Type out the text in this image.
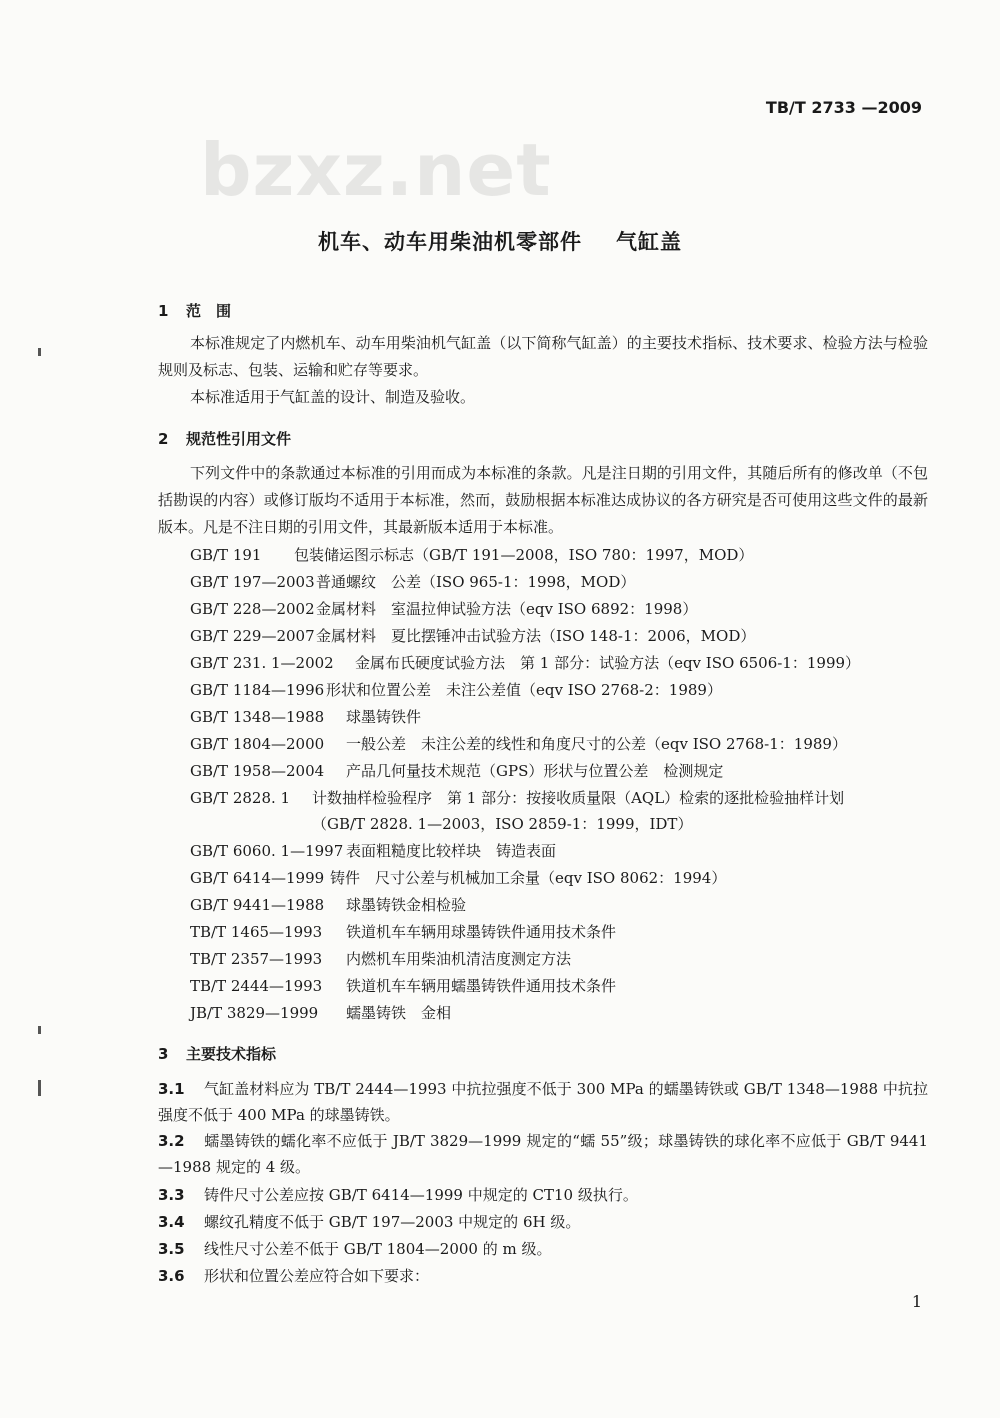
TB/T 2733 —2009
bzxz.net
机车、动车用柴油机零部件 气缸盖
1 范　围
本标准规定了内燃机车、动车用柴油机气缸盖（以下简称气缸盖）的主要技术指标、技术要求、检验方法与检验规则及标志、包装、运输和贮存等要求。
本标准适用于气缸盖的设计、制造及验收。
2 规范性引用文件
下列文件中的条款通过本标准的引用而成为本标准的条款。凡是注日期的引用文件，其随后所有的修改单（不包括勘误的内容）或修订版均不适用于本标准，然而，鼓励根据本标准达成协议的各方研究是否可使用这些文件的最新版本。凡是不注日期的引用文件，其最新版本适用于本标准。
GB/T 191 包装储运图示标志（GB/T 191—2008，ISO 780：1997，MOD）
GB/T 197—2003普通螺纹　公差（ISO 965-1：1998，MOD）
GB/T 228—2002金属材料　室温拉伸试验方法（eqv ISO 6892：1998）
GB/T 229—2007金属材料　夏比摆锤冲击试验方法（ISO 148-1：2006，MOD）
GB/T 231. 1—2002 金属布氏硬度试验方法　第 1 部分：试验方法（eqv ISO 6506-1：1999）
GB/T 1184—1996 形状和位置公差　未注公差值（eqv ISO 2768-2：1989）
GB/T 1348—1988 球墨铸铁件
GB/T 1804—2000 一般公差　未注公差的线性和角度尺寸的公差（eqv ISO 2768-1：1989）
GB/T 1958—2004 产品几何量技术规范（GPS）形状与位置公差　检测规定
GB/T 2828. 1 计数抽样检验程序　第 1 部分：按接收质量限（AQL）检索的逐批检验抽样计划
（GB/T 2828. 1—2003，ISO 2859-1：1999，IDT）
GB/T 6060. 1—1997 表面粗糙度比较样块　铸造表面
GB/T 6414—1999 铸件　尺寸公差与机械加工余量（eqv ISO 8062：1994）
GB/T 9441—1988 球墨铸铁金相检验
TB/T 1465—1993 铁道机车车辆用球墨铸铁件通用技术条件
TB/T 2357—1993 内燃机车用柴油机清洁度测定方法
TB/T 2444—1993 铁道机车车辆用蠕墨铸铁件通用技术条件
JB/T 3829—1999 蠕墨铸铁　金相
3 主要技术指标
3.1 气缸盖材料应为 TB/T 2444—1993 中抗拉强度不低于 300 MPa 的蠕墨铸铁或 GB/T 1348—1988 中抗拉强度不低于 400 MPa 的球墨铸铁。
3.2 蠕墨铸铁的蠕化率不应低于 JB/T 3829—1999 规定的“蠕 55”级；球墨铸铁的球化率不应低于 GB/T 9441—1988 规定的 4 级。
3.3 铸件尺寸公差应按 GB/T 6414—1999 中规定的 CT10 级执行。
3.4 螺纹孔精度不低于 GB/T 197—2003 中规定的 6H 级。
3.5 线性尺寸公差不低于 GB/T 1804—2000 的 m 级。
3.6 形状和位置公差应符合如下要求：
1
